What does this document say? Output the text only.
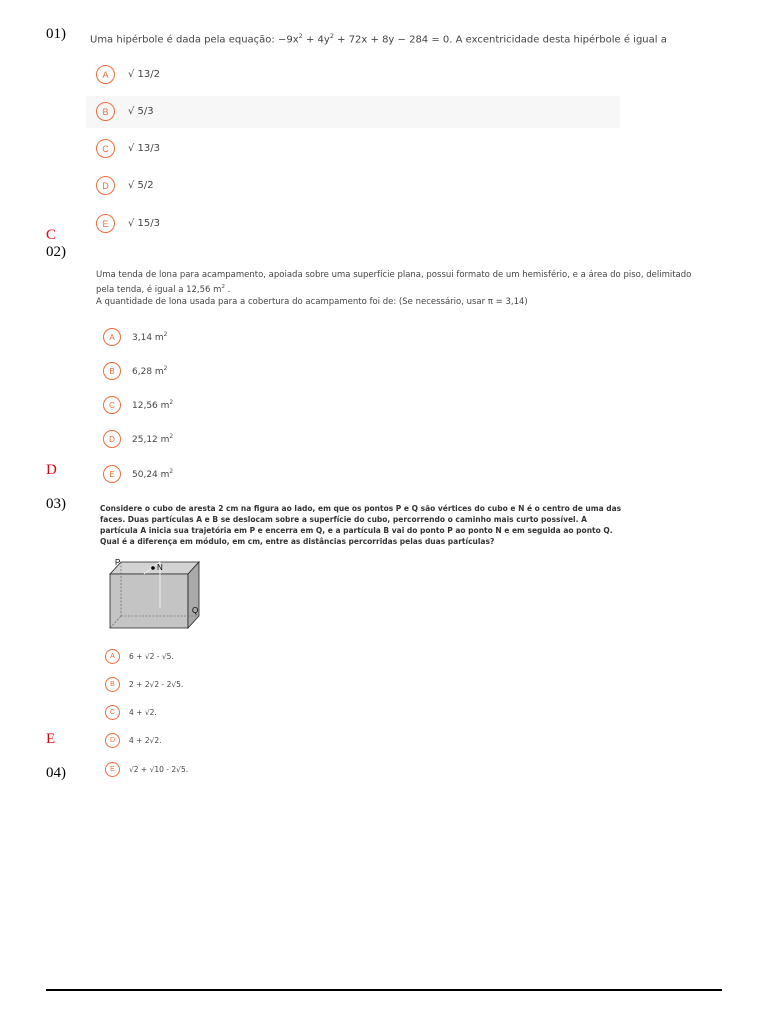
01) Uma hipérbole é dada pela equação: $-9x^2 + 4y^2 + 72x + 8y - 284 = 0$. A excentricidade desta hipérbole é igual a
A	√ 13/2
B	√ 5/3
C	√ 13/3
D	√ 5/2
E	√ 15/3
C
02)
Uma tenda de lona para acampamento, apoiada sobre uma superfície plana, possui formato de um hemisfério, e a área do piso, delimitado
pela tenda, é igual a 12,56 $m^2$ .
A quantidade de lona usada para a cobertura do acampamento foi de: (Se necessário, usar π = 3,14)
A	3,14 $m^2$
B	6,28 $m^2$
C	12,56 $m^2$
D	25,12 $m^2$
E	50,24 $m^2$
D
03)	Considere o cubo de aresta 2 cm na figura ao lado, em que os pontos P e Q são vértices do cubo e N é o centro de uma das faces. Duas partículas A e B se deslocam sobre a superfície do cubo, percorrendo o caminho mais curto possível. A partícula A inicia sua trajetória em P e encerra em Q, e a partícula B vai do ponto P ao ponto N e em seguida ao ponto Q. Qual é a diferença em módulo, em cm, entre as distâncias percorridas pelas duas partículas?
P
N
Q
A	6 + √2 - √5.
B	2 + 2√2 - 2√5.
C	4 + √2.
D	4 + 2√2.
E	√2 + √10 - 2√5.
E
04)
